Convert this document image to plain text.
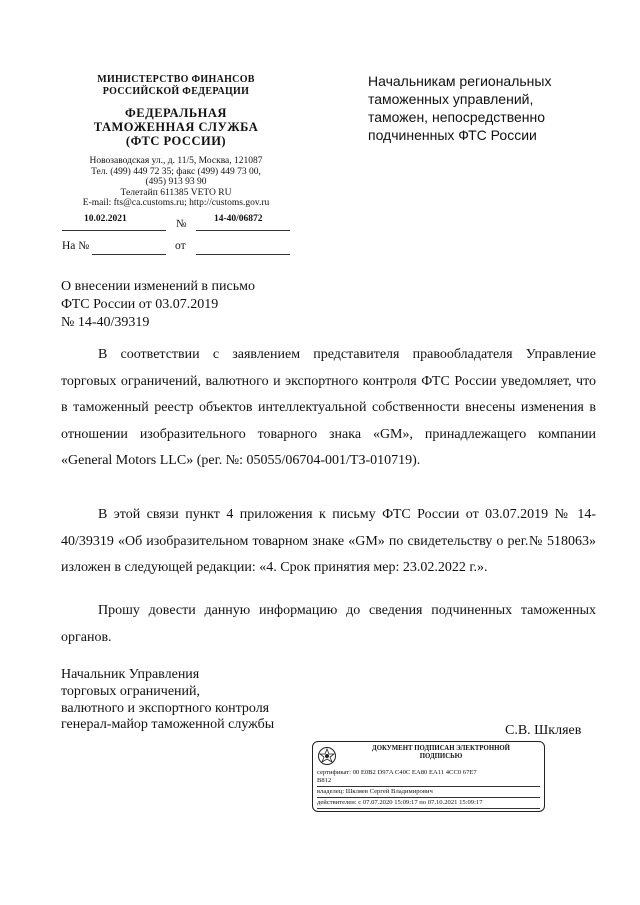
МИНИСТЕРСТВО ФИНАНСОВ
РОССИЙСКОЙ ФЕДЕРАЦИИ
ФЕДЕРАЛЬНАЯ
ТАМОЖЕННАЯ СЛУЖБА
(ФТС РОССИИ)
Новозаводская ул., д. 11/5, Москва, 121087
Тел. (499) 449 72 35; факс (499) 449 73 00,
(495) 913 93 90
Телетайп 611385 VETO RU
E-mail: fts@ca.customs.ru; http://customs.gov.ru
10.02.2021	№	14-40/06872
На №	от
Начальникам региональных
таможенных управлений,
таможен, непосредственно
подчиненных ФТС России
О внесении изменений в письмо
ФТС России от 03.07.2019
№ 14-40/39319

В соответствии с заявлением представителя правообладателя Управление торговых ограничений, валютного и экспортного контроля ФТС России уведомляет, что в таможенный реестр объектов интеллектуальной собственности внесены изменения в отношении изобразительного товарного знака «GM», принадлежащего компании «General Motors LLC» (рег. №: 05055/06704-001/ТЗ-010719).

В этой связи пункт 4 приложения к письму ФТС России от 03.07.2019 № 14-40/39319 «Об изобразительном товарном знаке «GM» по свидетельству о рег.№ 518063» изложен в следующей редакции: «4. Срок принятия мер: 23.02.2022 г.».

Прошу довести данную информацию до сведения подчиненных таможенных органов.

Начальник Управления
торговых ограничений,
валютного и экспортного контроля
генерал-майор таможенной службы	С.В. Шкляев
ДОКУМЕНТ ПОДПИСАН ЭЛЕКТРОННОЙ
ПОДПИСЬЮ
сертификат: 00 E0B2 D97A C40C EA80 EA11 4CC0 67E7
B812
владелец: Шкляев Сергей Владимирович
действителен: с 07.07.2020 15:09:17 по 07.10.2021 15:09:17
